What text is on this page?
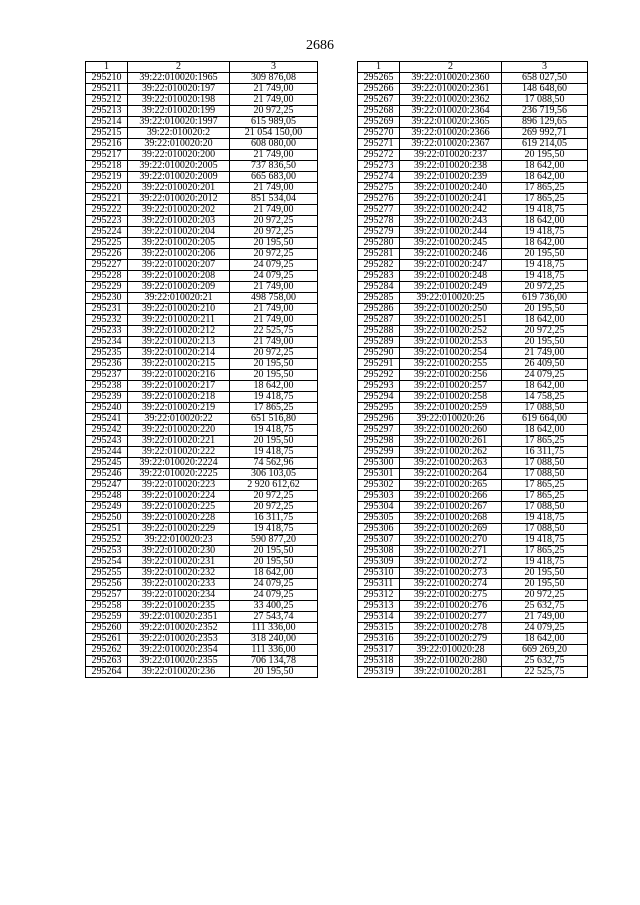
2686
1	2	3
295210	39:22:010020:1965	309 876,08
295211	39:22:010020:197	21 749,00
295212	39:22:010020:198	21 749,00
295213	39:22:010020:199	20 972,25
295214	39:22:010020:1997	615 989,05
295215	39:22:010020:2	21 054 150,00
295216	39:22:010020:20	608 080,00
295217	39:22:010020:200	21 749,00
295218	39:22:010020:2005	737 836,50
295219	39:22:010020:2009	665 683,00
295220	39:22:010020:201	21 749,00
295221	39:22:010020:2012	851 534,04
295222	39:22:010020:202	21 749,00
295223	39:22:010020:203	20 972,25
295224	39:22:010020:204	20 972,25
295225	39:22:010020:205	20 195,50
295226	39:22:010020:206	20 972,25
295227	39:22:010020:207	24 079,25
295228	39:22:010020:208	24 079,25
295229	39:22:010020:209	21 749,00
295230	39:22:010020:21	498 758,00
295231	39:22:010020:210	21 749,00
295232	39:22:010020:211	21 749,00
295233	39:22:010020:212	22 525,75
295234	39:22:010020:213	21 749,00
295235	39:22:010020:214	20 972,25
295236	39:22:010020:215	20 195,50
295237	39:22:010020:216	20 195,50
295238	39:22:010020:217	18 642,00
295239	39:22:010020:218	19 418,75
295240	39:22:010020:219	17 865,25
295241	39:22:010020:22	651 516,80
295242	39:22:010020:220	19 418,75
295243	39:22:010020:221	20 195,50
295244	39:22:010020:222	19 418,75
295245	39:22:010020:2224	74 562,96
295246	39:22:010020:2225	306 103,05
295247	39:22:010020:223	2 920 612,62
295248	39:22:010020:224	20 972,25
295249	39:22:010020:225	20 972,25
295250	39:22:010020:228	16 311,75
295251	39:22:010020:229	19 418,75
295252	39:22:010020:23	590 877,20
295253	39:22:010020:230	20 195,50
295254	39:22:010020:231	20 195,50
295255	39:22:010020:232	18 642,00
295256	39:22:010020:233	24 079,25
295257	39:22:010020:234	24 079,25
295258	39:22:010020:235	33 400,25
295259	39:22:010020:2351	27 543,74
295260	39:22:010020:2352	111 336,00
295261	39:22:010020:2353	318 240,00
295262	39:22:010020:2354	111 336,00
295263	39:22:010020:2355	706 134,78
295264	39:22:010020:236	20 195,50
1	2	3
295265	39:22:010020:2360	658 027,50
295266	39:22:010020:2361	148 648,60
295267	39:22:010020:2362	17 088,50
295268	39:22:010020:2364	236 719,56
295269	39:22:010020:2365	896 129,65
295270	39:22:010020:2366	269 992,71
295271	39:22:010020:2367	619 214,05
295272	39:22:010020:237	20 195,50
295273	39:22:010020:238	18 642,00
295274	39:22:010020:239	18 642,00
295275	39:22:010020:240	17 865,25
295276	39:22:010020:241	17 865,25
295277	39:22:010020:242	19 418,75
295278	39:22:010020:243	18 642,00
295279	39:22:010020:244	19 418,75
295280	39:22:010020:245	18 642,00
295281	39:22:010020:246	20 195,50
295282	39:22:010020:247	19 418,75
295283	39:22:010020:248	19 418,75
295284	39:22:010020:249	20 972,25
295285	39:22:010020:25	619 736,00
295286	39:22:010020:250	20 195,50
295287	39:22:010020:251	18 642,00
295288	39:22:010020:252	20 972,25
295289	39:22:010020:253	20 195,50
295290	39:22:010020:254	21 749,00
295291	39:22:010020:255	26 409,50
295292	39:22:010020:256	24 079,25
295293	39:22:010020:257	18 642,00
295294	39:22:010020:258	14 758,25
295295	39:22:010020:259	17 088,50
295296	39:22:010020:26	619 664,00
295297	39:22:010020:260	18 642,00
295298	39:22:010020:261	17 865,25
295299	39:22:010020:262	16 311,75
295300	39:22:010020:263	17 088,50
295301	39:22:010020:264	17 088,50
295302	39:22:010020:265	17 865,25
295303	39:22:010020:266	17 865,25
295304	39:22:010020:267	17 088,50
295305	39:22:010020:268	19 418,75
295306	39:22:010020:269	17 088,50
295307	39:22:010020:270	19 418,75
295308	39:22:010020:271	17 865,25
295309	39:22:010020:272	19 418,75
295310	39:22:010020:273	20 195,50
295311	39:22:010020:274	20 195,50
295312	39:22:010020:275	20 972,25
295313	39:22:010020:276	25 632,75
295314	39:22:010020:277	21 749,00
295315	39:22:010020:278	24 079,25
295316	39:22:010020:279	18 642,00
295317	39:22:010020:28	669 269,20
295318	39:22:010020:280	25 632,75
295319	39:22:010020:281	22 525,75
